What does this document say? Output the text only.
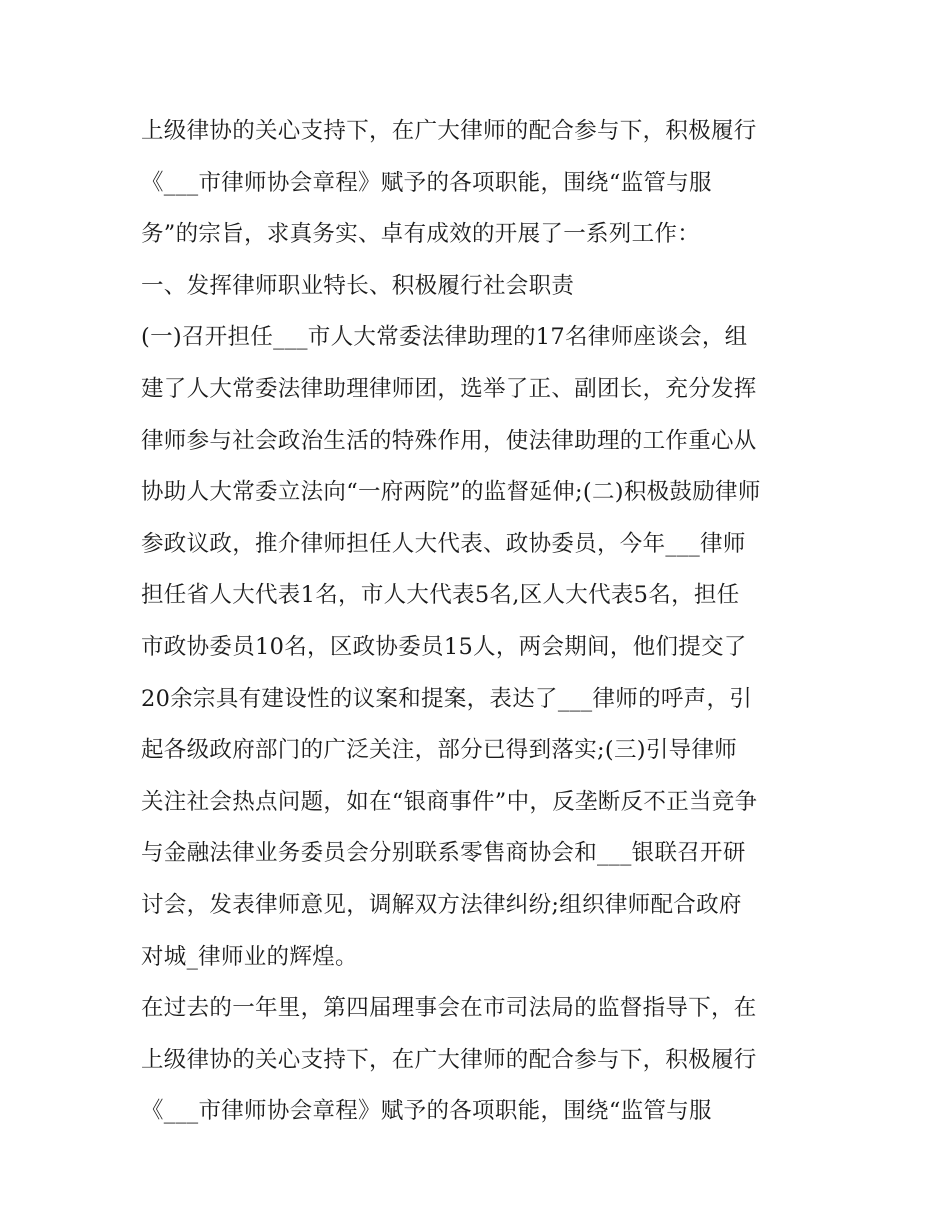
上级律协的关心支持下，在广大律师的配合参与下，积极履行
《___市律师协会章程》赋予的各项职能，围绕“监管与服
务”的宗旨，求真务实、卓有成效的开展了一系列工作：
一、发挥律师职业特长、积极履行社会职责
(一)召开担任___市人大常委法律助理的17名律师座谈会，组
建了人大常委法律助理律师团，选举了正、副团长，充分发挥
律师参与社会政治生活的特殊作用，使法律助理的工作重心从
协助人大常委立法向“一府两院”的监督延伸;(二)积极鼓励律师
参政议政，推介律师担任人大代表、政协委员，今年___律师
担任省人大代表1名，市人大代表5名,区人大代表5名，担任
市政协委员10名，区政协委员15人，两会期间，他们提交了
20余宗具有建设性的议案和提案，表达了___律师的呼声，引
起各级政府部门的广泛关注，部分已得到落实;(三)引导律师
关注社会热点问题，如在“银商事件”中，反垄断反不正当竞争
与金融法律业务委员会分别联系零售商协会和___银联召开研
讨会，发表律师意见，调解双方法律纠纷;组织律师配合政府
对城_律师业的辉煌。
在过去的一年里，第四届理事会在市司法局的监督指导下，在
上级律协的关心支持下，在广大律师的配合参与下，积极履行
《___市律师协会章程》赋予的各项职能，围绕“监管与服
